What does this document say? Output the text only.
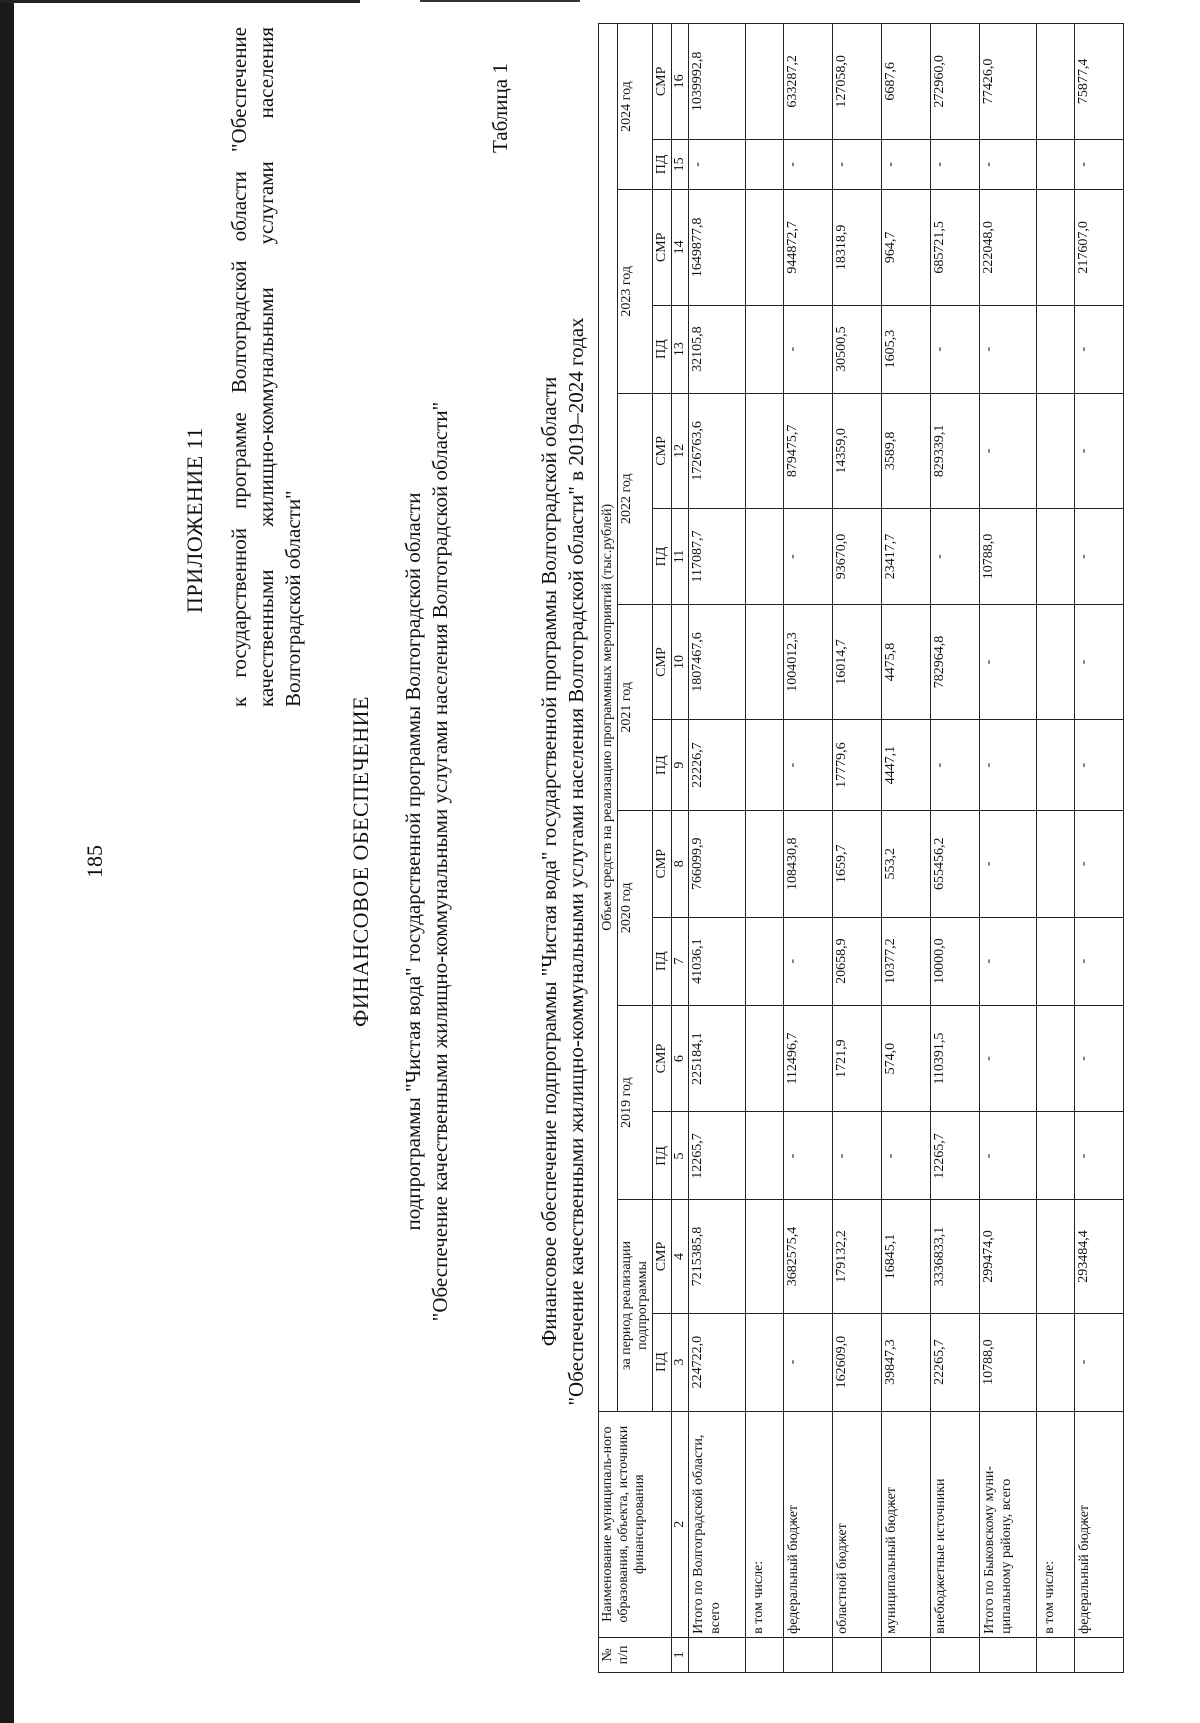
185
ПРИЛОЖЕНИЕ 11 к государственной программе Волгоградской области "Обеспечение качественными жилищно-коммунальными услугами населения Волгоградской области"
ФИНАНСОВОЕ ОБЕСПЕЧЕНИЕ подпрограммы "Чистая вода" государственной программы Волгоградской области "Обеспечение качественными жилищно-коммунальными услугами населения Волгоградской области"
Таблица 1
Финансовое обеспечение подпрограммы "Чистая вода" государственной программы Волгоградской области "Обеспечение качественными жилищно-коммунальными услугами населения Волгоградской области" в 2019–2024 годах
№ п/п	Наименование муниципаль-ного образования, объекта, источники финансирования	Объем средств на реализацию программных мероприятий (тыс.рублей)													
		за период реализации подпрограммы		2019 год		2020 год		2021 год		2022 год		2023 год		2024 год	
		ПД	СМР	ПД	СМР	ПД	СМР	ПД	СМР	ПД	СМР	ПД	СМР	ПД	СМР
1	2	3	4	5	6	7	8	9	10	11	12	13	14	15	16
	Итого по Волгоградской области, всего	224722,0	7215385,8	12265,7	225184,1	41036,1	766099,9	22226,7	1807467,6	117087,7	1726763,6	32105,8	1649877,8	-	1039992,8
	в том числе:														
	федеральный бюджет	-	3682575,4	-	112496,7	-	108430,8	-	1004012,3	-	879475,7	-	944872,7	-	633287,2
	областной бюджет	162609,0	179132,2	-	1721,9	20658,9	1659,7	17779,6	16014,7	93670,0	14359,0	30500,5	18318,9	-	127058,0
	муниципальный бюджет	39847,3	16845,1	-	574,0	10377,2	553,2	4447,1	4475,8	23417,7	3589,8	1605,3	964,7	-	6687,6
	внебюджетные источники	22265,7	3336833,1	12265,7	110391,5	10000,0	655456,2	-	782964,8	-	829339,1	-	685721,5	-	272960,0
	Итого по Быковскому муни-ципальному району, всего	10788,0	299474,0	-	-	-	-	-	-	10788,0	-	-	222048,0	-	77426,0
	в том числе:														
	федеральный бюджет	-	293484,4	-	-	-	-	-	-	-	-	-	217607,0	-	75877,4
